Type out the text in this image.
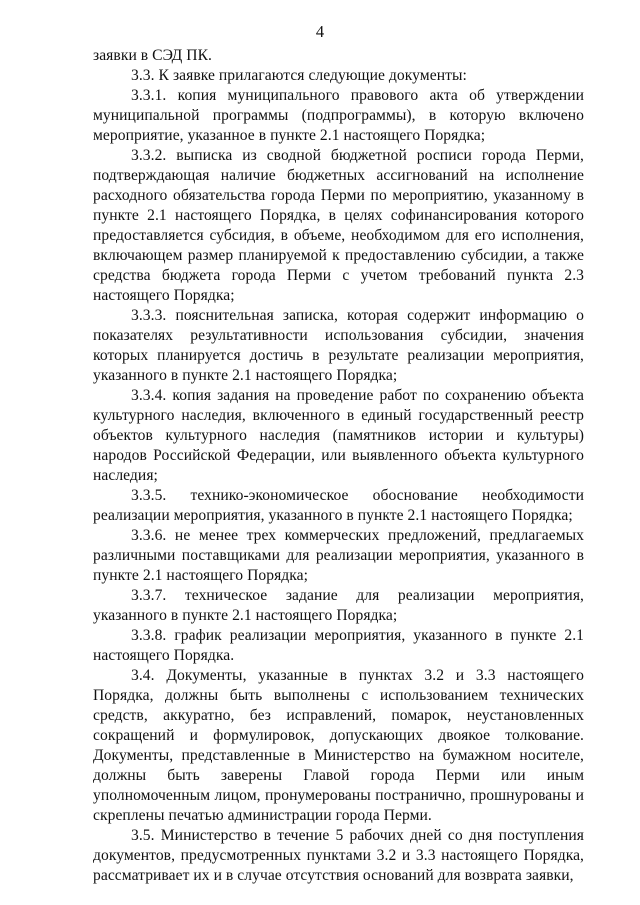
4

заявки в СЭД ПК.

3.3. К заявке прилагаются следующие документы:

3.3.1. копия муниципального правового акта об утверждении муниципальной программы (подпрограммы), в которую включено мероприятие, указанное в пункте 2.1 настоящего Порядка;

3.3.2. выписка из сводной бюджетной росписи города Перми, подтверждающая наличие бюджетных ассигнований на исполнение расходного обязательства города Перми по мероприятию, указанному в пункте 2.1 настоящего Порядка, в целях софинансирования которого предоставляется субсидия, в объеме, необходимом для его исполнения, включающем размер планируемой к предоставлению субсидии, а также средства бюджета города Перми с учетом требований пункта 2.3 настоящего Порядка;

3.3.3. пояснительная записка, которая содержит информацию о показателях результативности использования субсидии, значения которых планируется достичь в результате реализации мероприятия, указанного в пункте 2.1 настоящего Порядка;

3.3.4. копия задания на проведение работ по сохранению объекта культурного наследия, включенного в единый государственный реестр объектов культурного наследия (памятников истории и культуры) народов Российской Федерации, или выявленного объекта культурного наследия;

3.3.5. технико-экономическое обоснование необходимости реализации мероприятия, указанного в пункте 2.1 настоящего Порядка;

3.3.6. не менее трех коммерческих предложений, предлагаемых различными поставщиками для реализации мероприятия, указанного в пункте 2.1 настоящего Порядка;

3.3.7. техническое задание для реализации мероприятия, указанного в пункте 2.1 настоящего Порядка;

3.3.8. график реализации мероприятия, указанного в пункте 2.1 настоящего Порядка.

3.4. Документы, указанные в пунктах 3.2 и 3.3 настоящего Порядка, должны быть выполнены с использованием технических средств, аккуратно, без исправлений, помарок, неустановленных сокращений и формулировок, допускающих двоякое толкование. Документы, представленные в Министерство на бумажном носителе, должны быть заверены Главой города Перми или иным уполномоченным лицом, пронумерованы постранично, прошнурованы и скреплены печатью администрации города Перми.

3.5. Министерство в течение 5 рабочих дней со дня поступления документов, предусмотренных пунктами 3.2 и 3.3 настоящего Порядка, рассматривает их и в случае отсутствия оснований для возврата заявки,
